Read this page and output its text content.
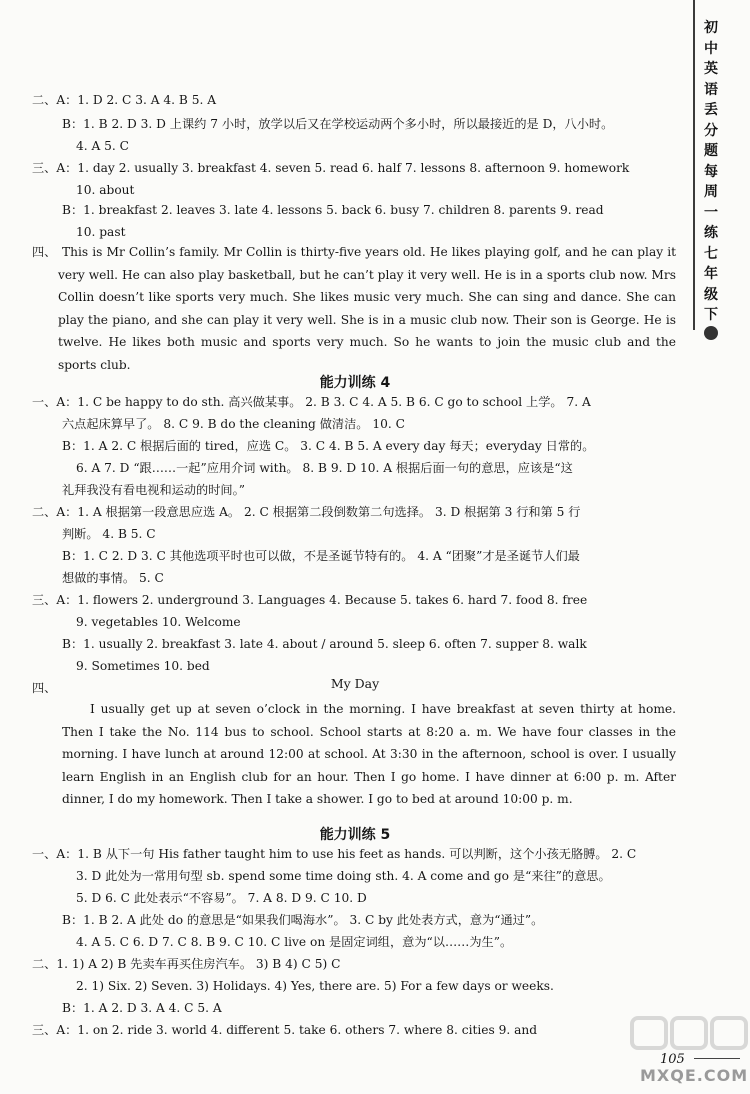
初中英语丢分题每周一练七年级下
二、A：1. D 2. C 3. A 4. B 5. A
B：1. B 2. D 3. D 上课约 7 小时，放学以后又在学校运动两个多小时，所以最接近的是 D，八小时。
4. A 5. C
三、A：1. day 2. usually 3. breakfast 4. seven 5. read 6. half 7. lessons 8. afternoon 9. homework
10. about
B：1. breakfast 2. leaves 3. late 4. lessons 5. back 6. busy 7. children 8. parents 9. read
10. past
四、 This is Mr Collin’s family. Mr Collin is thirty-five years old. He likes playing golf, and he can play it very well. He can also play basketball, but he can’t play it very well. He is in a sports club now. Mrs Collin doesn’t like sports very much. She likes music very much. She can sing and dance. She can play the piano, and she can play it very well. She is in a music club now. Their son is George. He is twelve. He likes both music and sports very much. So he wants to join the music club and the sports club.
能力训练 4
一、A：1. C be happy to do sth. 高兴做某事。 2. B 3. C 4. A 5. B 6. C go to school 上学。 7. A
六点起床算早了。 8. C 9. B do the cleaning 做清洁。 10. C
B：1. A 2. C 根据后面的 tired，应选 C。 3. C 4. B 5. A every day 每天；everyday 日常的。
6. A 7. D “跟……一起”应用介词 with。 8. B 9. D 10. A 根据后面一句的意思，应该是“这
礼拜我没有看电视和运动的时间。”
二、A：1. A 根据第一段意思应选 A。 2. C 根据第二段倒数第二句选择。 3. D 根据第 3 行和第 5 行
判断。 4. B 5. C
B：1. C 2. D 3. C 其他选项平时也可以做，不是圣诞节特有的。 4. A “团聚”才是圣诞节人们最
想做的事情。 5. C
三、A：1. flowers 2. underground 3. Languages 4. Because 5. takes 6. hard 7. food 8. free
9. vegetables 10. Welcome
B：1. usually 2. breakfast 3. late 4. about / around 5. sleep 6. often 7. supper 8. walk
9. Sometimes 10. bed
四、	My Day
I usually get up at seven o’clock in the morning. I have breakfast at seven thirty at home. Then I take the No. 114 bus to school. School starts at 8:20 a. m. We have four classes in the morning. I have lunch at around 12:00 at school. At 3:30 in the afternoon, school is over. I usually learn English in an English club for an hour. Then I go home. I have dinner at 6:00 p. m. After dinner, I do my homework. Then I take a shower. I go to bed at around 10:00 p. m.
能力训练 5
一、A：1. B 从下一句 His father taught him to use his feet as hands. 可以判断，这个小孩无胳膊。 2. C
3. D 此处为一常用句型 sb. spend some time doing sth. 4. A come and go 是“来往”的意思。
5. D 6. C 此处表示“不容易”。 7. A 8. D 9. C 10. D
B：1. B 2. A 此处 do 的意思是“如果我们喝海水”。 3. C by 此处表方式，意为“通过”。
4. A 5. C 6. D 7. C 8. B 9. C 10. C live on 是固定词组，意为“以……为生”。
二、1. 1) A 2) B 先卖车再买住房汽车。 3) B 4) C 5) C
2. 1) Six. 2) Seven. 3) Holidays. 4) Yes, there are. 5) For a few days or weeks.
B：1. A 2. D 3. A 4. C 5. A
三、A：1. on 2. ride 3. world 4. different 5. take 6. others 7. where 8. cities 9. and
105
MXQE.COM
